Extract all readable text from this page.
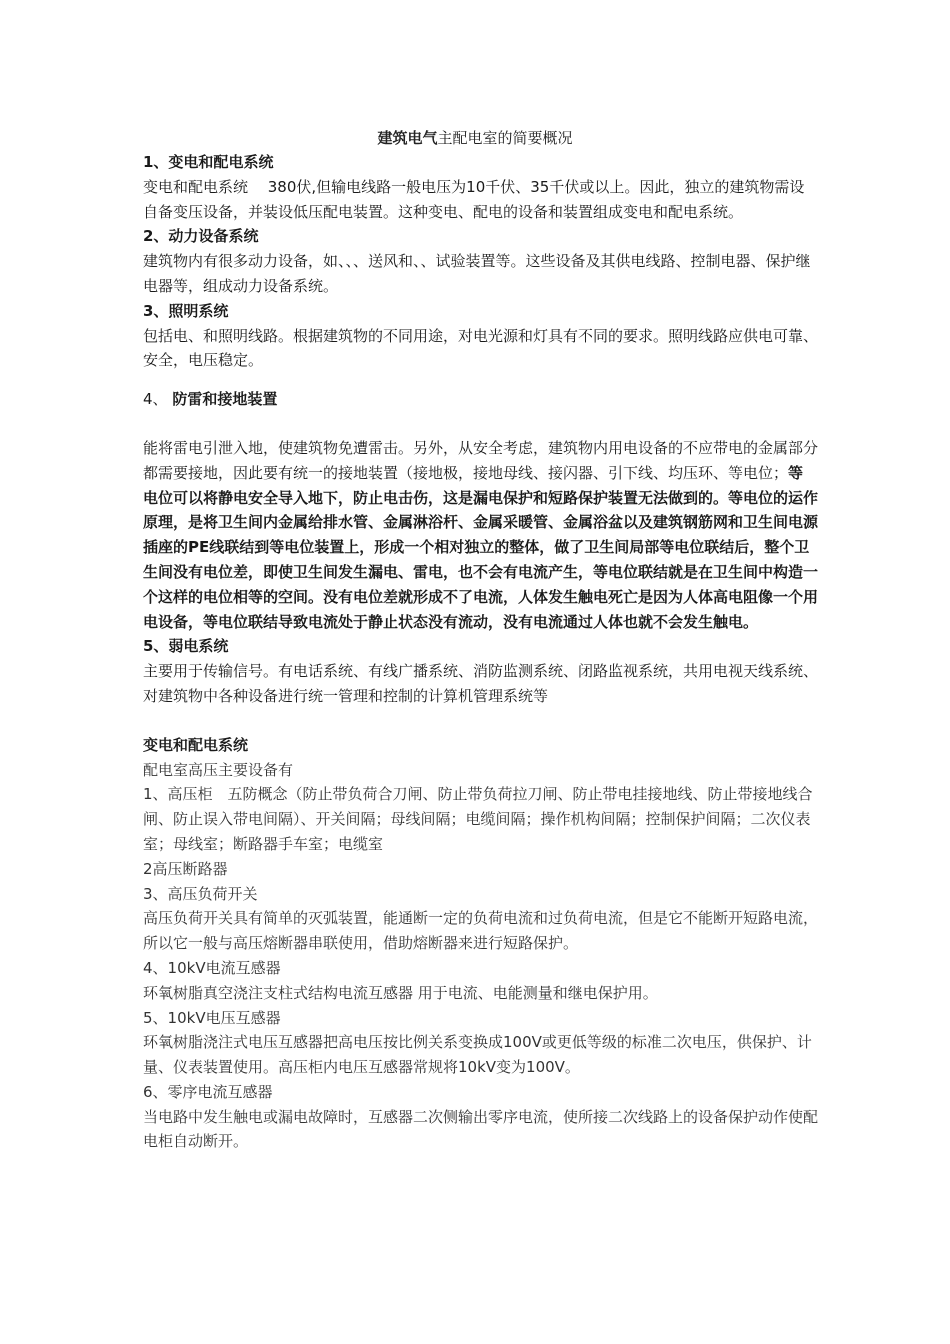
建筑电气主配电室的简要概况

1、变电和配电系统

变电和配电系统　 380伏,但输电线路一般电压为10千伏、35千伏或以上。因此，独立的建筑物需设自备变压设备，并装设低压配电装置。这种变电、配电的设备和装置组成变电和配电系统。

2、动力设备系统

建筑物内有很多动力设备，如、、、送风和、、试验装置等。这些设备及其供电线路、控制电器、保护继电器等，组成动力设备系统。

3、照明系统

包括电、和照明线路。根据建筑物的不同用途，对电光源和灯具有不同的要求。照明线路应供电可靠、安全，电压稳定。

4、 防雷和接地装置

能将雷电引泄入地，使建筑物免遭雷击。另外，从安全考虑，建筑物内用电设备的不应带电的金属部分都需要接地，因此要有统一的接地装置（接地极，接地母线、接闪器、引下线、均压环、等电位；等电位可以将静电安全导入地下，防止电击伤，这是漏电保护和短路保护装置无法做到的。等电位的运作原理，是将卫生间内金属给排水管、金属淋浴杆、金属采暖管、金属浴盆以及建筑钢筋网和卫生间电源插座的PE线联结到等电位装置上，形成一个相对独立的整体，做了卫生间局部等电位联结后，整个卫生间没有电位差，即使卫生间发生漏电、雷电，也不会有电流产生，等电位联结就是在卫生间中构造一个这样的电位相等的空间。没有电位差就形成不了电流，人体发生触电死亡是因为人体高电阻像一个用电设备，等电位联结导致电流处于静止状态没有流动，没有电流通过人体也就不会发生触电。

5、弱电系统

主要用于传输信号。有电话系统、有线广播系统、消防监测系统、闭路监视系统，共用电视天线系统、对建筑物中各种设备进行统一管理和控制的计算机管理系统等

变电和配电系统

配电室高压主要设备有

1、高压柜　五防概念（防止带负荷合刀闸、防止带负荷拉刀闸、防止带电挂接地线、防止带接地线合闸、防止误入带电间隔）、开关间隔；母线间隔；电缆间隔；操作机构间隔；控制保护间隔；二次仪表室；母线室；断路器手车室；电缆室

2高压断路器

3、高压负荷开关

高压负荷开关具有简单的灭弧装置，能通断一定的负荷电流和过负荷电流，但是它不能断开短路电流，所以它一般与高压熔断器串联使用，借助熔断器来进行短路保护。

4、10kV电流互感器

环氧树脂真空浇注支柱式结构电流互感器 用于电流、电能测量和继电保护用。

5、10kV电压互感器

环氧树脂浇注式电压互感器把高电压按比例关系变换成100V或更低等级的标准二次电压，供保护、计量、仪表装置使用。高压柜内电压互感器常规将10kV变为100V。

6、零序电流互感器

当电路中发生触电或漏电故障时，互感器二次侧输出零序电流，使所接二次线路上的设备保护动作使配电柜自动断开。
